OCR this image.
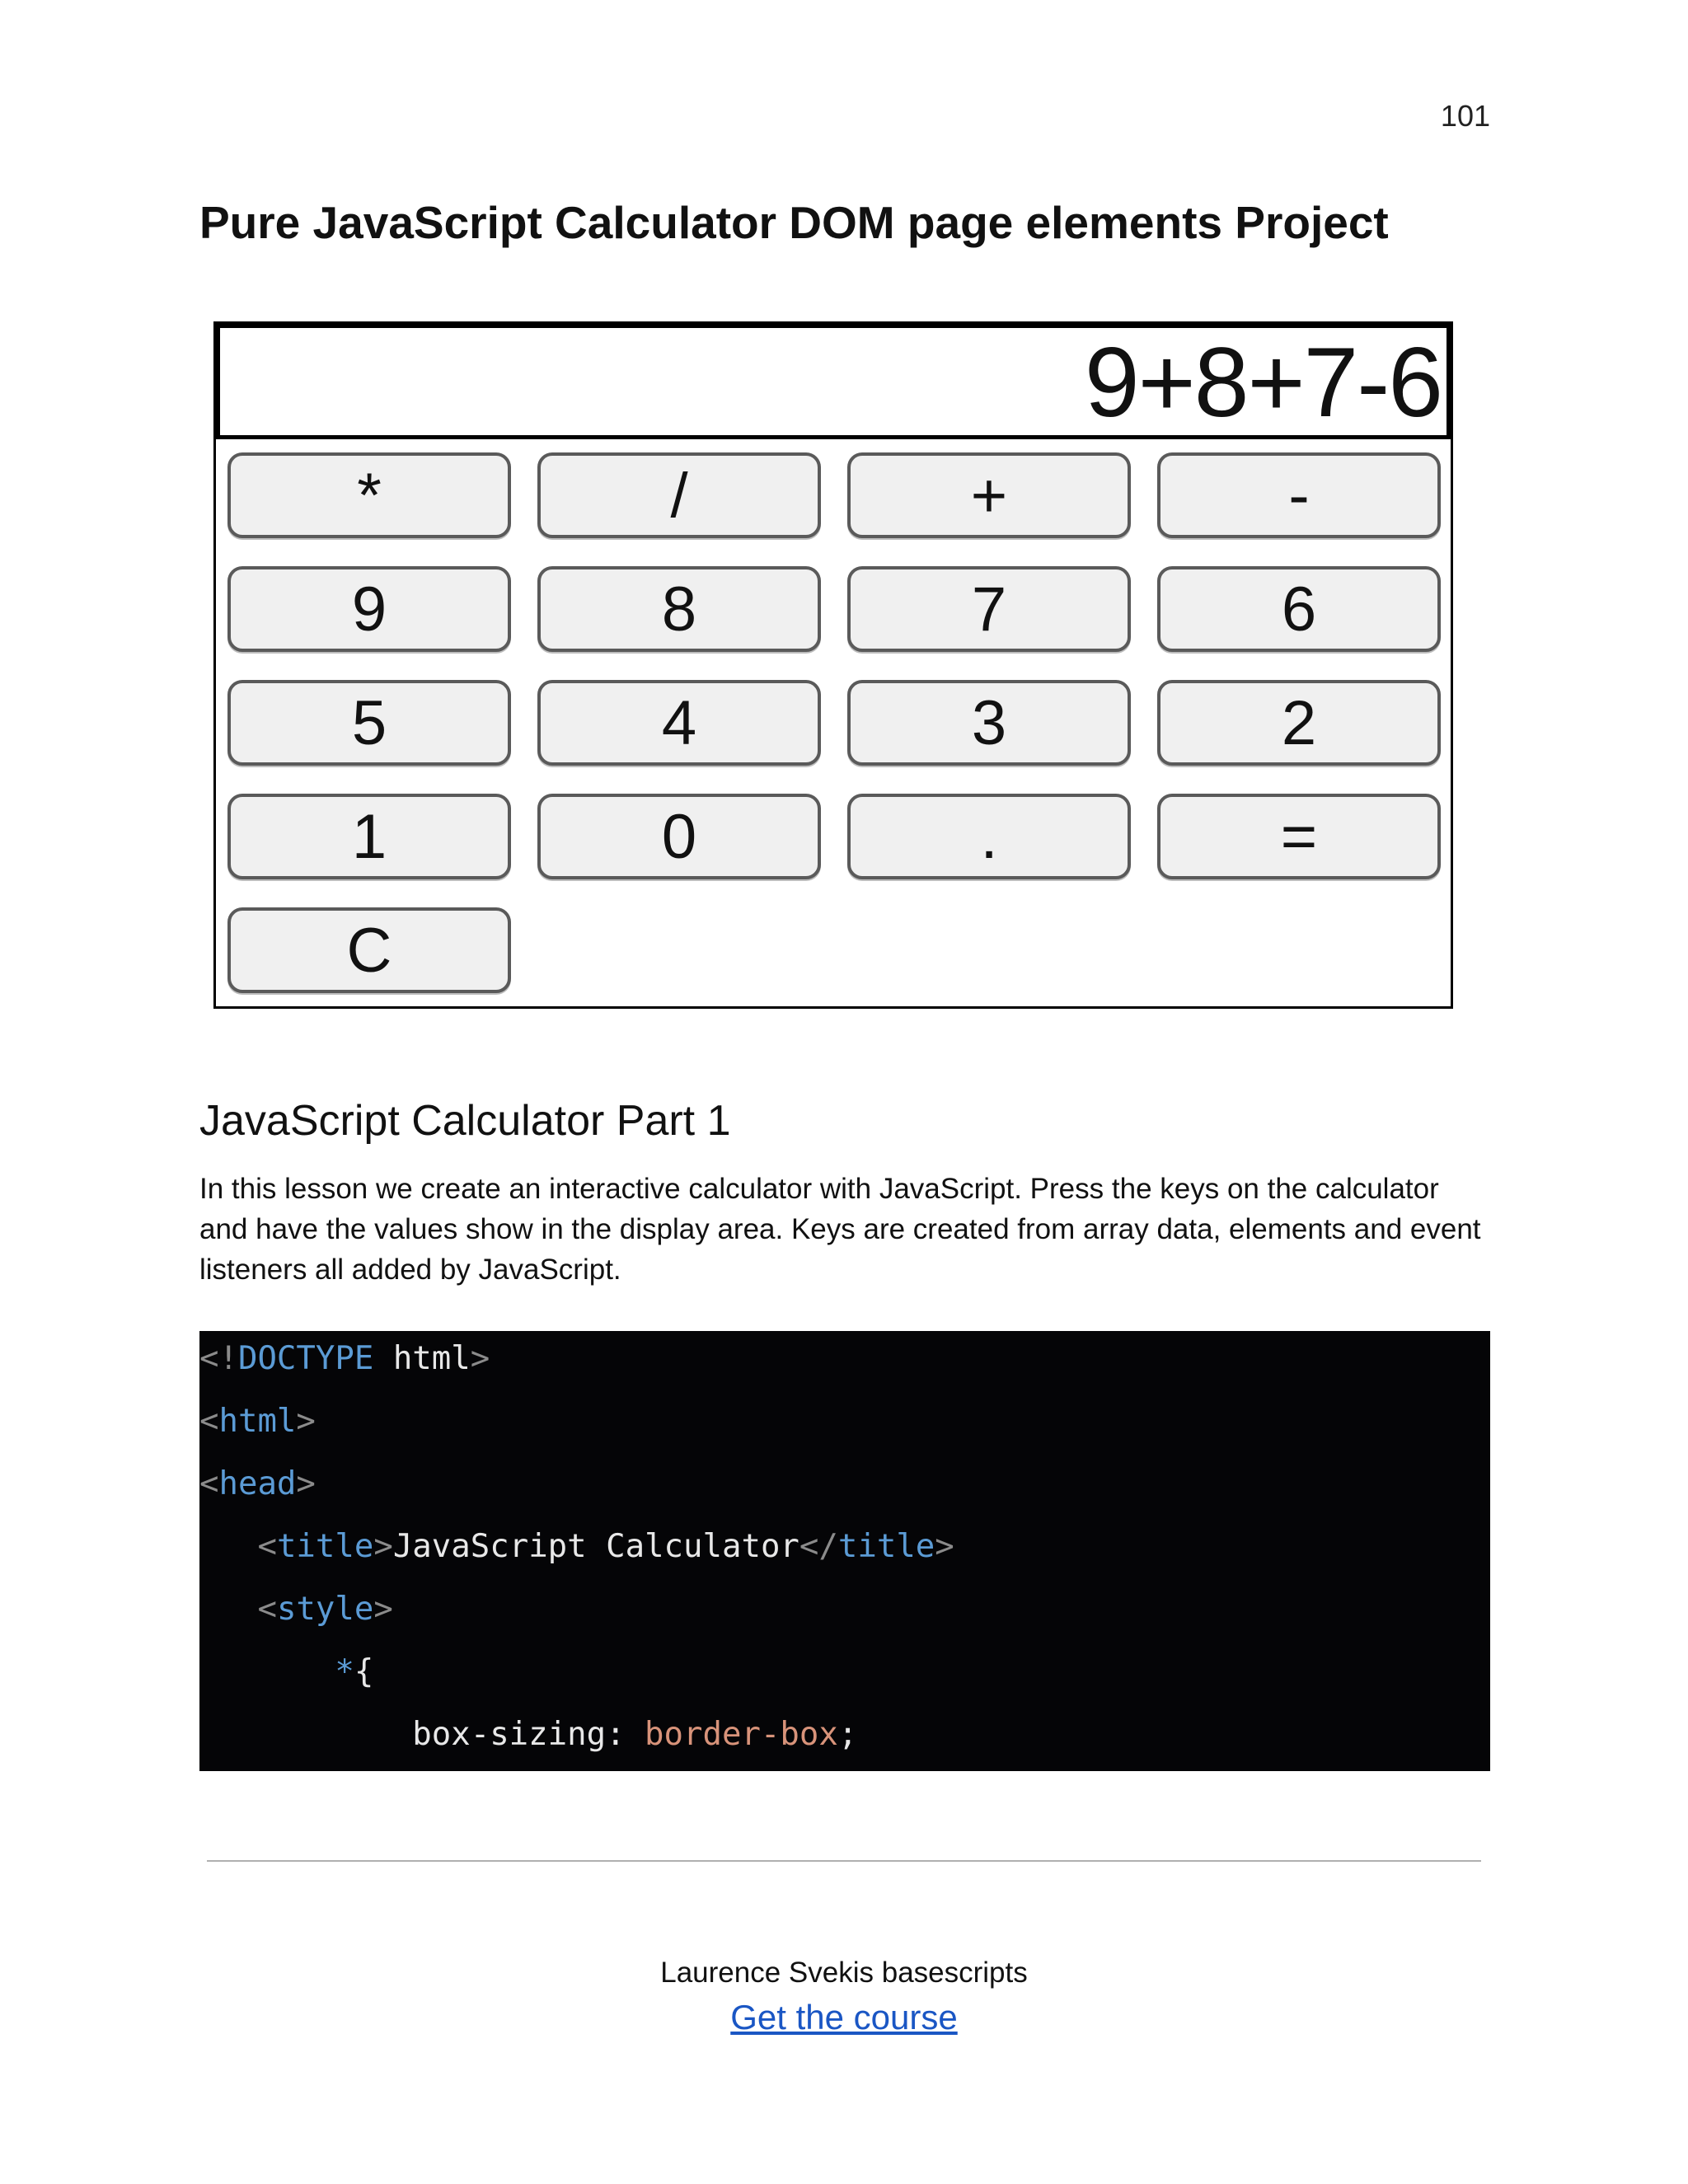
101
Pure JavaScript Calculator DOM page elements Project
9+8+7-6
*	/	+	-
9	8	7	6
5	4	3	2
1	0	.	=
C
JavaScript Calculator Part 1

In this lesson we create an interactive calculator with JavaScript. Press the keys on the calculator and have the values show in the display area. Keys are created from array data, elements and event listeners all added by JavaScript.

<!DOCTYPE html>
<html>
<head>
<title>JavaScript Calculator</title>
<style>
*{
box-sizing: border-box;
Laurence Svekis basescripts
Get the course
